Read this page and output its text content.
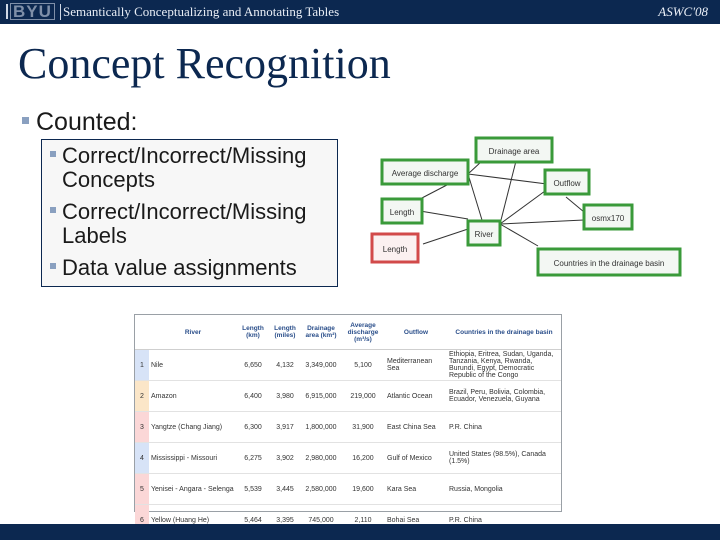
BYU Semantically Conceptualizing and Annotating Tables	ASWC'08
Concept Recognition
Counted:
Correct/Incorrect/Missing
Concepts
Correct/Incorrect/Missing
Labels
Data value assignments
Drainage area
Average discharge
Outflow
Length
osmx170
River
Length
Countries in the drainage basin
	River	Length (km)	Length (miles)	Drainage area (km²)	Average discharge (m³/s)	Outflow	Countries in the drainage basin
1	Nile	6,650	4,132	3,349,000	5,100	Mediterranean Sea	Ethiopia, Eritrea, Sudan, Uganda, Tanzania, Kenya, Rwanda, Burundi, Egypt, Democratic Republic of the Congo
2	Amazon	6,400	3,980	6,915,000	219,000	Atlantic Ocean	Brazil, Peru, Bolivia, Colombia, Ecuador, Venezuela, Guyana
3	Yangtze (Chang Jiang)	6,300	3,917	1,800,000	31,900	East China Sea	P.R. China
4	Mississippi - Missouri	6,275	3,902	2,980,000	16,200	Gulf of Mexico	United States (98.5%), Canada (1.5%)
5	Yenisei - Angara - Selenga	5,539	3,445	2,580,000	19,600	Kara Sea	Russia, Mongolia
6	Yellow (Huang He)	5,464	3,395	745,000	2,110	Bohai Sea	P.R. China
